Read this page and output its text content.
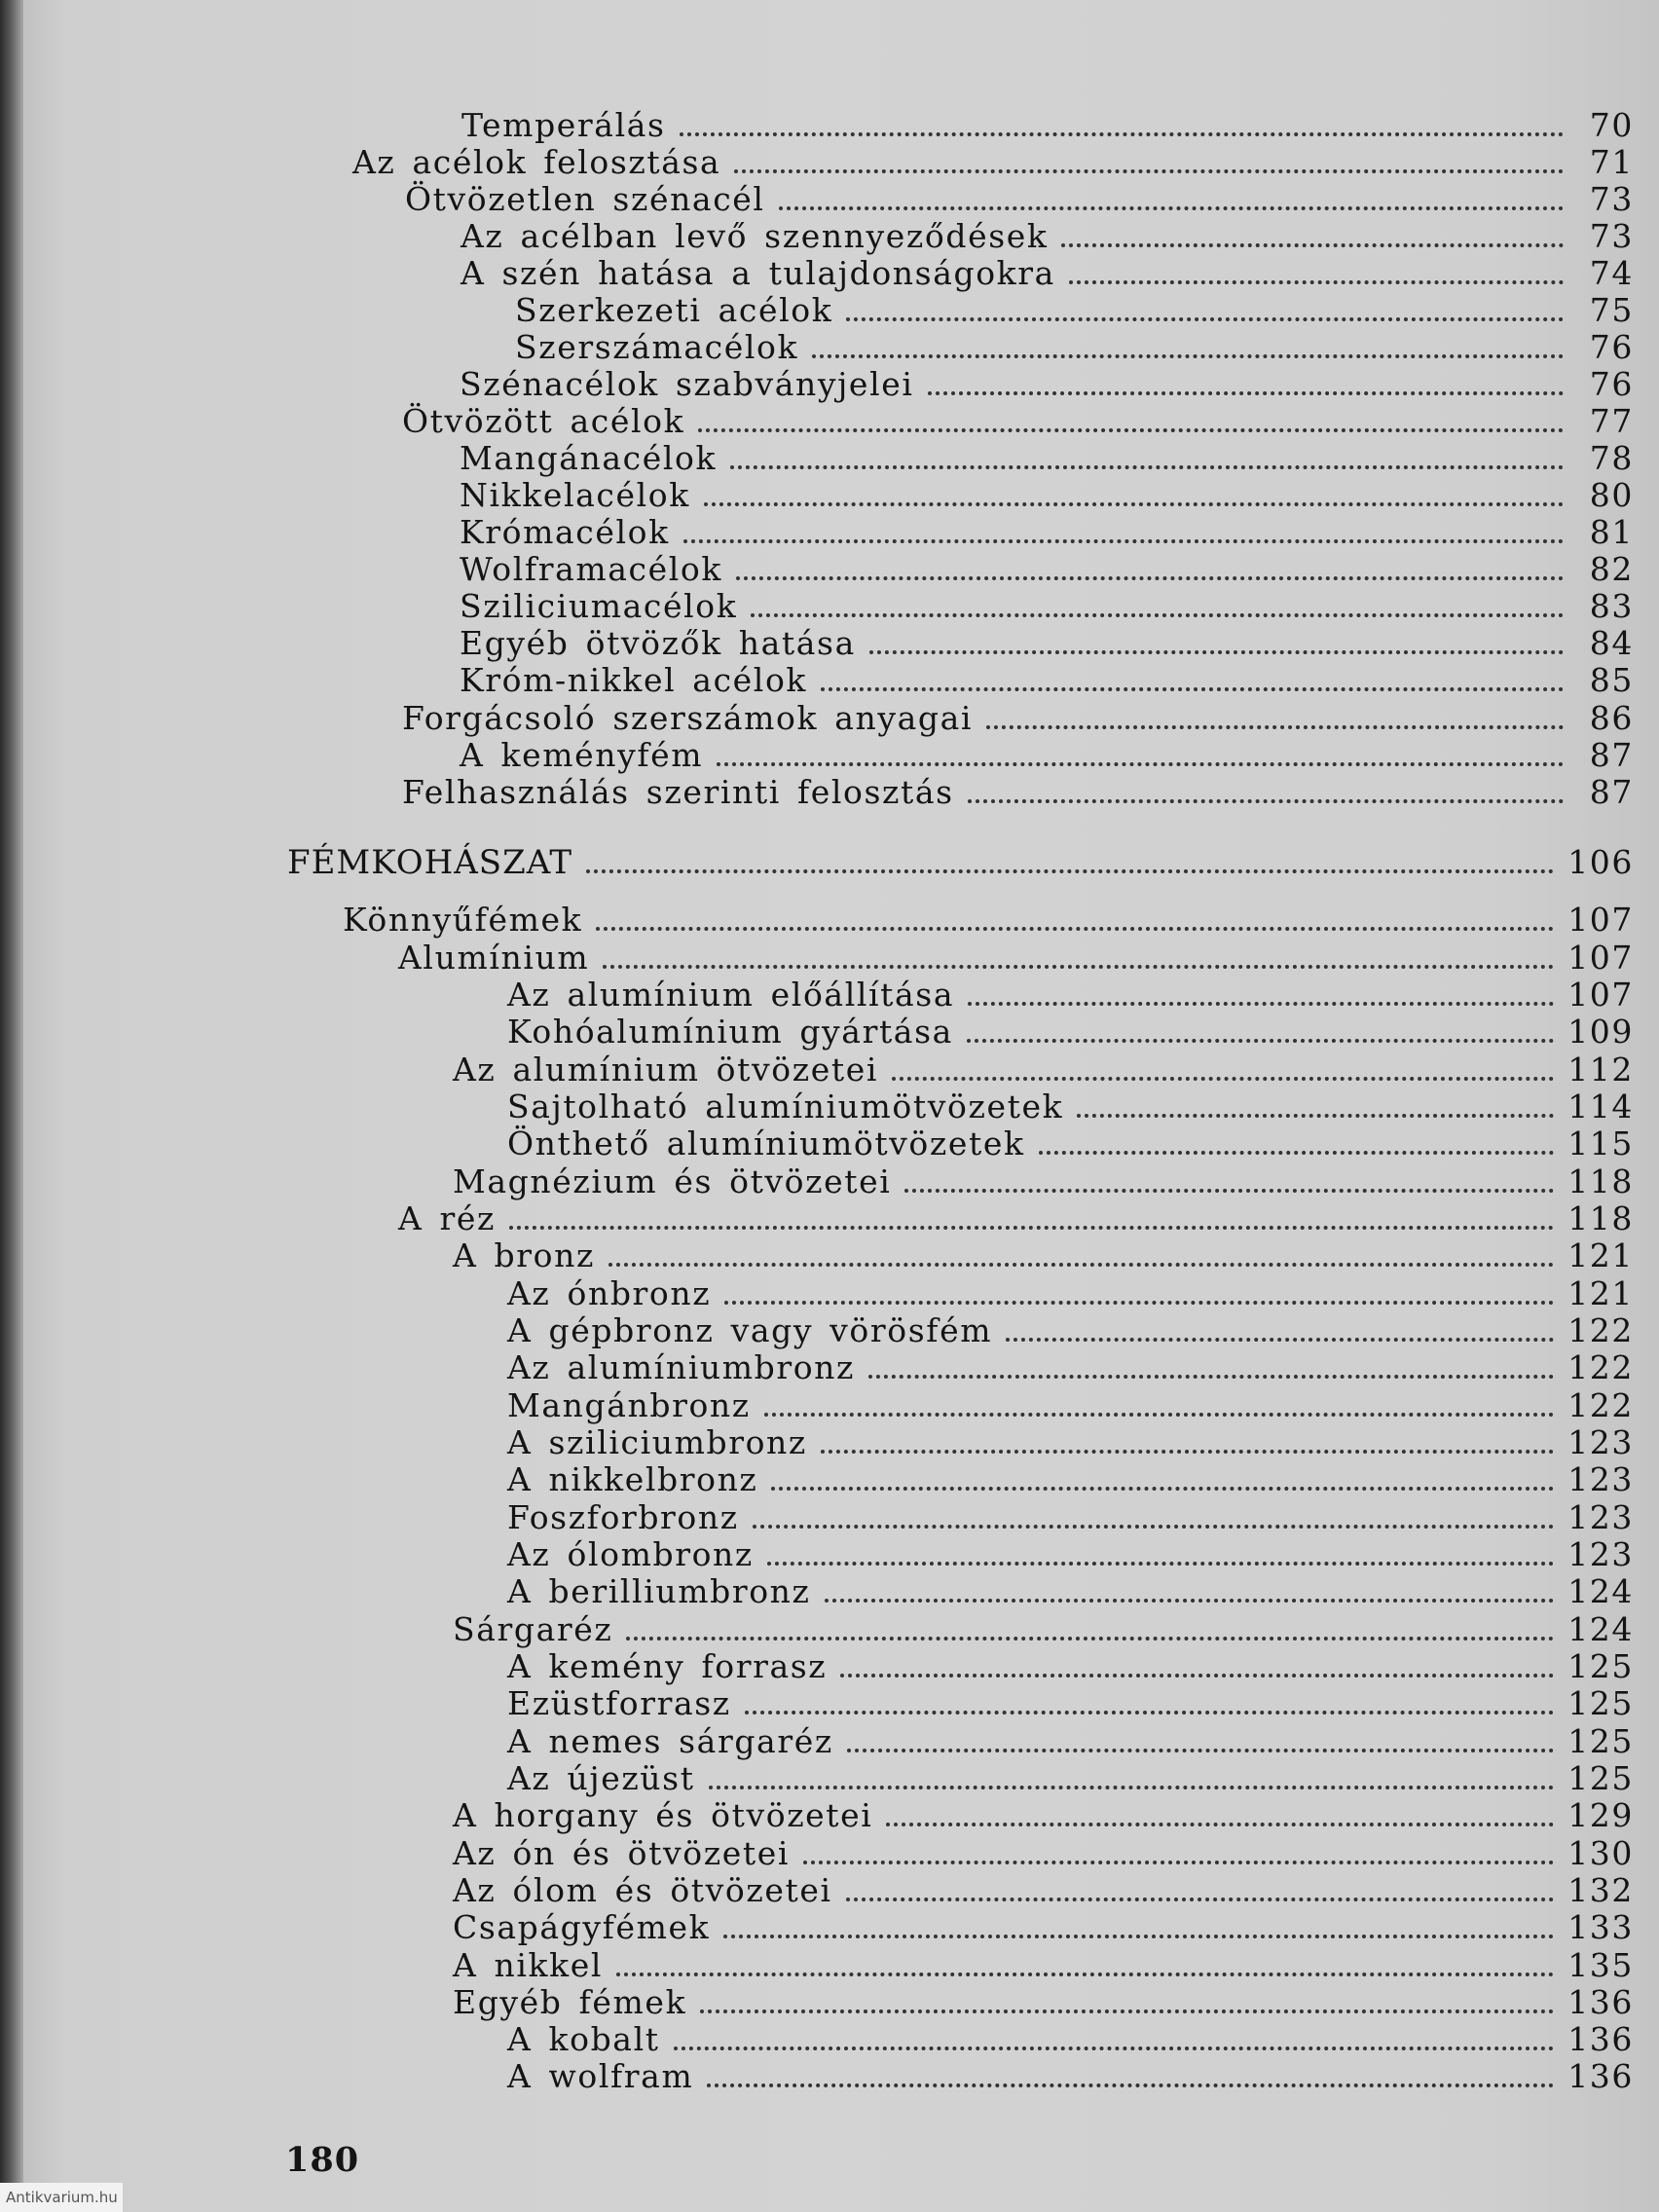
Temperálás	70
Az acélok felosztása	71
Ötvözetlen szénacél	73
Az acélban levő szennyeződések	73
A szén hatása a tulajdonságokra	74
Szerkezeti acélok	75
Szerszámacélok	76
Szénacélok szabványjelei	76
Ötvözött acélok	77
Mangánacélok	78
Nikkelacélok	80
Krómacélok	81
Wolframacélok	82
Sziliciumacélok	83
Egyéb ötvözők hatása	84
Króm-nikkel acélok	85
Forgácsoló szerszámok anyagai	86
A keményfém	87
Felhasználás szerinti felosztás	87
FÉMKOHÁSZAT	106
Könnyűfémek	107
Alumínium	107
Az alumínium előállítása	107
Kohóalumínium gyártása	109
Az alumínium ötvözetei	112
Sajtolható alumíniumötvözetek	114
Önthető alumíniumötvözetek	115
Magnézium és ötvözetei	118
A réz	118
A bronz	121
Az ónbronz	121
A gépbronz vagy vörösfém	122
Az alumíniumbronz	122
Mangánbronz	122
A sziliciumbronz	123
A nikkelbronz	123
Foszforbronz	123
Az ólombronz	123
A berilliumbronz	124
Sárgaréz	124
A kemény forrasz	125
Ezüstforrasz	125
A nemes sárgaréz	125
Az újezüst	125
A horgany és ötvözetei	129
Az ón és ötvözetei	130
Az ólom és ötvözetei	132
Csapágyfémek	133
A nikkel	135
Egyéb fémek	136
A kobalt	136
A wolfram	136
180
Antikvarium.hu
